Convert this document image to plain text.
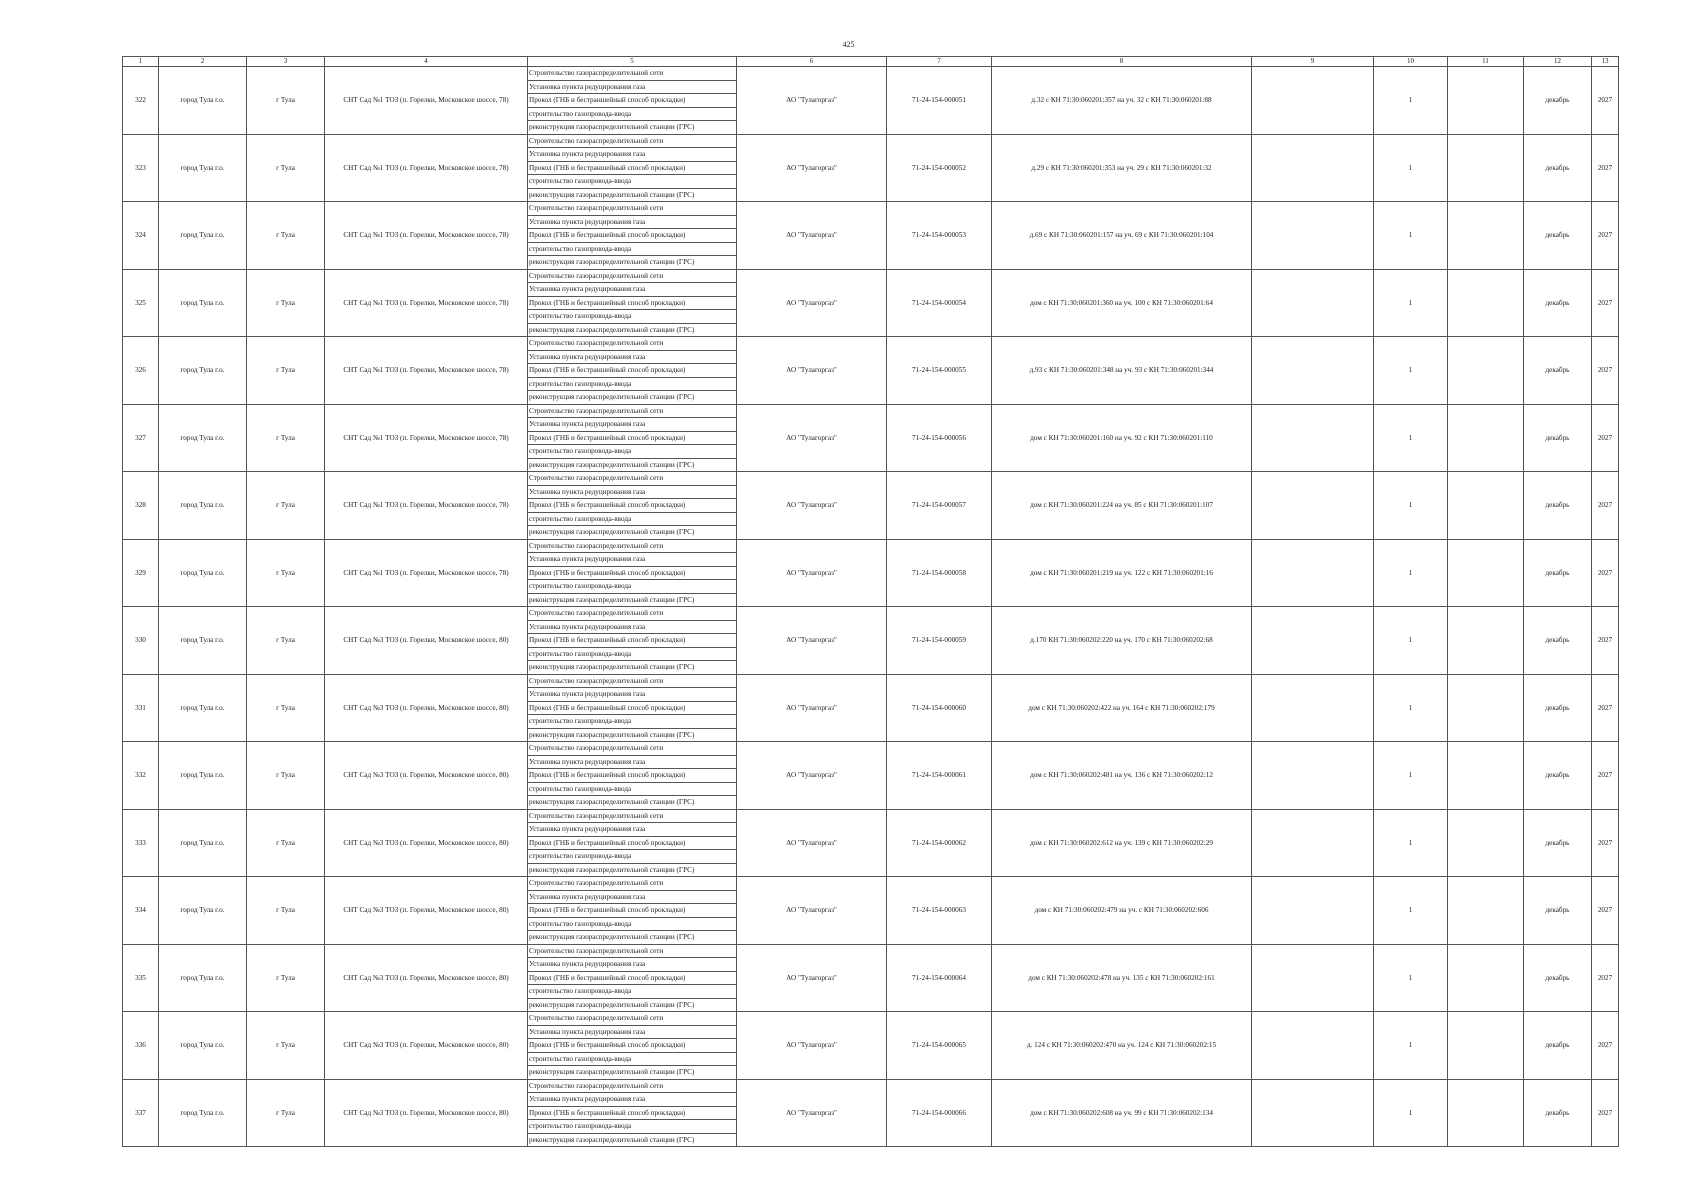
425
1	2	3	4	5	6	7	8	9	10	11	12	13
322	город Тула г.о.	г Тула	СНТ Сад №1 ТОЗ (п. Горелки, Московское шоссе, 78)	Строительство газораспределительной сети	АО "Тулагоргаз"	71-24-154-000051	д.32 с КН 71:30:060201:357 на уч. 32 с КН 71:30:060201:88		1		декабрь	2027
				Установка пункта редуцирования газа								
				Прокол (ГНБ и бестраншейный способ прокладки)								
				строительство газопровода-ввода								
				реконструкция газораспределительной станции (ГРС)								
323	город Тула г.о.	г Тула	СНТ Сад №1 ТОЗ (п. Горелки, Московское шоссе, 78)	Строительство газораспределительной сети	АО "Тулагоргаз"	71-24-154-000052	д.29 с КН 71:30:060201:353 на уч. 29 с КН 71:30:060201:32		1		декабрь	2027
				Установка пункта редуцирования газа								
				Прокол (ГНБ и бестраншейный способ прокладки)								
				строительство газопровода-ввода								
				реконструкция газораспределительной станции (ГРС)								
324	город Тула г.о.	г Тула	СНТ Сад №1 ТОЗ (п. Горелки, Московское шоссе, 78)	Строительство газораспределительной сети	АО "Тулагоргаз"	71-24-154-000053	д.69 с КН 71:30:060201:157 на уч. 69 с КН 71:30:060201:104		1		декабрь	2027
				Установка пункта редуцирования газа								
				Прокол (ГНБ и бестраншейный способ прокладки)								
				строительство газопровода-ввода								
				реконструкция газораспределительной станции (ГРС)								
325	город Тула г.о.	г Тула	СНТ Сад №1 ТОЗ (п. Горелки, Московское шоссе, 78)	Строительство газораспределительной сети	АО "Тулагоргаз"	71-24-154-000054	дом с КН 71:30:060201:360 на уч. 100 с КН 71:30:060201:64		1		декабрь	2027
				Установка пункта редуцирования газа								
				Прокол (ГНБ и бестраншейный способ прокладки)								
				строительство газопровода-ввода								
				реконструкция газораспределительной станции (ГРС)								
326	город Тула г.о.	г Тула	СНТ Сад №1 ТОЗ (п. Горелки, Московское шоссе, 78)	Строительство газораспределительной сети	АО "Тулагоргаз"	71-24-154-000055	д.93 с КН 71:30:060201:348 на уч. 93 с КН 71:30:060201:344		1		декабрь	2027
				Установка пункта редуцирования газа								
				Прокол (ГНБ и бестраншейный способ прокладки)								
				строительство газопровода-ввода								
				реконструкция газораспределительной станции (ГРС)								
327	город Тула г.о.	г Тула	СНТ Сад №1 ТОЗ (п. Горелки, Московское шоссе, 78)	Строительство газораспределительной сети	АО "Тулагоргаз"	71-24-154-000056	дом с КН 71:30:060201:160 на уч. 92 с КН 71:30:060201:110		1		декабрь	2027
				Установка пункта редуцирования газа								
				Прокол (ГНБ и бестраншейный способ прокладки)								
				строительство газопровода-ввода								
				реконструкция газораспределительной станции (ГРС)								
328	город Тула г.о.	г Тула	СНТ Сад №1 ТОЗ (п. Горелки, Московское шоссе, 78)	Строительство газораспределительной сети	АО "Тулагоргаз"	71-24-154-000057	дом с КН 71:30:060201:224 на уч. 85 с КН 71:30:060201:107		1		декабрь	2027
				Установка пункта редуцирования газа								
				Прокол (ГНБ и бестраншейный способ прокладки)								
				строительство газопровода-ввода								
				реконструкция газораспределительной станции (ГРС)								
329	город Тула г.о.	г Тула	СНТ Сад №1 ТОЗ (п. Горелки, Московское шоссе, 78)	Строительство газораспределительной сети	АО "Тулагоргаз"	71-24-154-000058	дом с КН 71:30:060201:219 на уч. 122 с КН 71:30:060201:16		1		декабрь	2027
				Установка пункта редуцирования газа								
				Прокол (ГНБ и бестраншейный способ прокладки)								
				строительство газопровода-ввода								
				реконструкция газораспределительной станции (ГРС)								
330	город Тула г.о.	г Тула	СНТ Сад №3 ТОЗ (п. Горелки, Московское шоссе, 80)	Строительство газораспределительной сети	АО "Тулагоргаз"	71-24-154-000059	д.170 КН 71:30:060202:220 на уч. 170 с КН 71:30:060202:68		1		декабрь	2027
				Установка пункта редуцирования газа								
				Прокол (ГНБ и бестраншейный способ прокладки)								
				строительство газопровода-ввода								
				реконструкция газораспределительной станции (ГРС)								
331	город Тула г.о.	г Тула	СНТ Сад №3 ТОЗ (п. Горелки, Московское шоссе, 80)	Строительство газораспределительной сети	АО "Тулагоргаз"	71-24-154-000060	дом с КН 71:30:060202:422 на уч. 164 с КН 71:30:060202:179		1		декабрь	2027
				Установка пункта редуцирования газа								
				Прокол (ГНБ и бестраншейный способ прокладки)								
				строительство газопровода-ввода								
				реконструкция газораспределительной станции (ГРС)								
332	город Тула г.о.	г Тула	СНТ Сад №3 ТОЗ (п. Горелки, Московское шоссе, 80)	Строительство газораспределительной сети	АО "Тулагоргаз"	71-24-154-000061	дом с КН 71:30:060202:481 на уч. 136 с КН 71:30:060202:12		1		декабрь	2027
				Установка пункта редуцирования газа								
				Прокол (ГНБ и бестраншейный способ прокладки)								
				строительство газопровода-ввода								
				реконструкция газораспределительной станции (ГРС)								
333	город Тула г.о.	г Тула	СНТ Сад №3 ТОЗ (п. Горелки, Московское шоссе, 80)	Строительство газораспределительной сети	АО "Тулагоргаз"	71-24-154-000062	дом с КН 71:30:060202:612 на уч. 139 с КН 71:30:060202:29		1		декабрь	2027
				Установка пункта редуцирования газа								
				Прокол (ГНБ и бестраншейный способ прокладки)								
				строительство газопровода-ввода								
				реконструкция газораспределительной станции (ГРС)								
334	город Тула г.о.	г Тула	СНТ Сад №3 ТОЗ (п. Горелки, Московское шоссе, 80)	Строительство газораспределительной сети	АО "Тулагоргаз"	71-24-154-000063	дом с КН 71:30:060202:479 на уч. с КН 71:30:060202:606		1		декабрь	2027
				Установка пункта редуцирования газа								
				Прокол (ГНБ и бестраншейный способ прокладки)								
				строительство газопровода-ввода								
				реконструкция газораспределительной станции (ГРС)								
335	город Тула г.о.	г Тула	СНТ Сад №3 ТОЗ (п. Горелки, Московское шоссе, 80)	Строительство газораспределительной сети	АО "Тулагоргаз"	71-24-154-000064	дом с КН 71:30:060202:478 на уч. 135 с КН 71:30:060202:161		1		декабрь	2027
				Установка пункта редуцирования газа								
				Прокол (ГНБ и бестраншейный способ прокладки)								
				строительство газопровода-ввода								
				реконструкция газораспределительной станции (ГРС)								
336	город Тула г.о.	г Тула	СНТ Сад №3 ТОЗ (п. Горелки, Московское шоссе, 80)	Строительство газораспределительной сети	АО "Тулагоргаз"	71-24-154-000065	д. 124 с КН 71:30:060202:470 на уч. 124 с КН 71:30:060202:15		1		декабрь	2027
				Установка пункта редуцирования газа								
				Прокол (ГНБ и бестраншейный способ прокладки)								
				строительство газопровода-ввода								
				реконструкция газораспределительной станции (ГРС)								
337	город Тула г.о.	г Тула	СНТ Сад №3 ТОЗ (п. Горелки, Московское шоссе, 80)	Строительство газораспределительной сети	АО "Тулагоргаз"	71-24-154-000066	дом с КН 71:30:060202:608 на уч. 99 с КН 71:30:060202:134		1		декабрь	2027
				Установка пункта редуцирования газа								
				Прокол (ГНБ и бестраншейный способ прокладки)								
				строительство газопровода-ввода								
				реконструкция газораспределительной станции (ГРС)								
